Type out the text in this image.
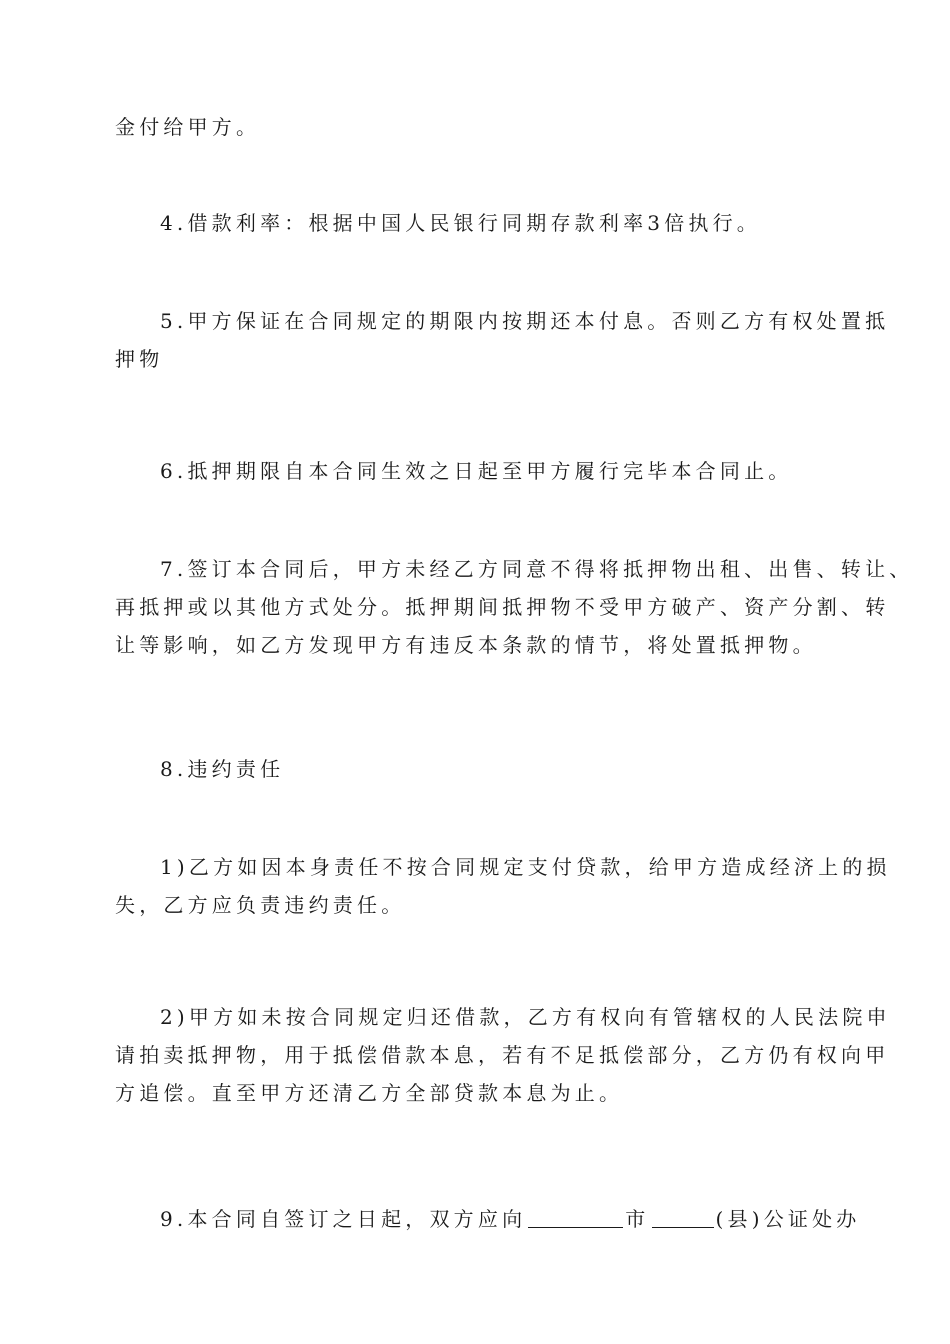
金付给甲方。

4.借款利率：根据中国人民银行同期存款利率3倍执行。

5.甲方保证在合同规定的期限内按期还本付息。否则乙方有权处置抵
押物

6.抵押期限自本合同生效之日起至甲方履行完毕本合同止。

7.签订本合同后，甲方未经乙方同意不得将抵押物出租、出售、转让、
再抵押或以其他方式处分。抵押期间抵押物不受甲方破产、资产分割、转
让等影响，如乙方发现甲方有违反本条款的情节，将处置抵押物。

8.违约责任

1)乙方如因本身责任不按合同规定支付贷款，给甲方造成经济上的损
失，乙方应负责违约责任。

2)甲方如未按合同规定归还借款，乙方有权向有管辖权的人民法院申
请拍卖抵押物，用于抵偿借款本息，若有不足抵偿部分，乙方仍有权向甲
方追偿。直至甲方还清乙方全部贷款本息为止。

9.本合同自签订之日起，双方应向	市	(县)公证处办
